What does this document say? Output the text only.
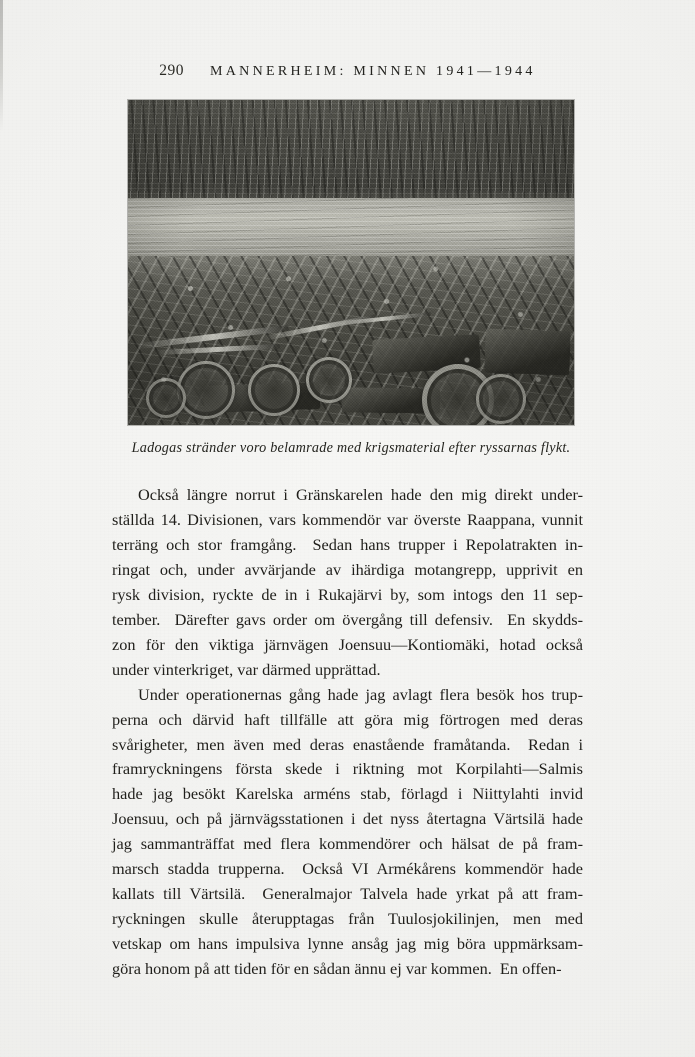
290 MANNERHEIM: MINNEN 1941—1944
Ladogas stränder voro belamrade med krigsmaterial efter ryssarnas flykt.

Också längre norrut i Gränskarelen hade den mig direkt under-
ställda 14. Divisionen, vars kommendör var överste Raappana, vunnit
terräng och stor framgång.  Sedan hans trupper i Repolatrakten in-
ringat och, under avvärjande av ihärdiga motangrepp, upprivit en
rysk division, ryckte de in i Rukajärvi by, som intogs den 11 sep-
tember.  Därefter gavs order om övergång till defensiv.  En skydds-
zon för den viktiga järnvägen Joensuu—Kontiomäki, hotad också
under vinterkriget, var därmed upprättad.

Under operationernas gång hade jag avlagt flera besök hos trup-
perna och därvid haft tillfälle att göra mig förtrogen med deras
svårigheter, men även med deras enastående framåtanda.  Redan i
framryckningens första skede i riktning mot Korpilahti—Salmis
hade jag besökt Karelska arméns stab, förlagd i Niittylahti invid
Joensuu, och på järnvägsstationen i det nyss återtagna Värtsilä hade
jag sammanträffat med flera kommendörer och hälsat de på fram-
marsch stadda trupperna.  Också VI Armékårens kommendör hade
kallats till Värtsilä.  Generalmajor Talvela hade yrkat på att fram-
ryckningen skulle återupptagas från Tuulosjokilinjen, men med
vetskap om hans impulsiva lynne ansåg jag mig böra uppmärksam-
göra honom på att tiden för en sådan ännu ej var kommen.  En offen-
